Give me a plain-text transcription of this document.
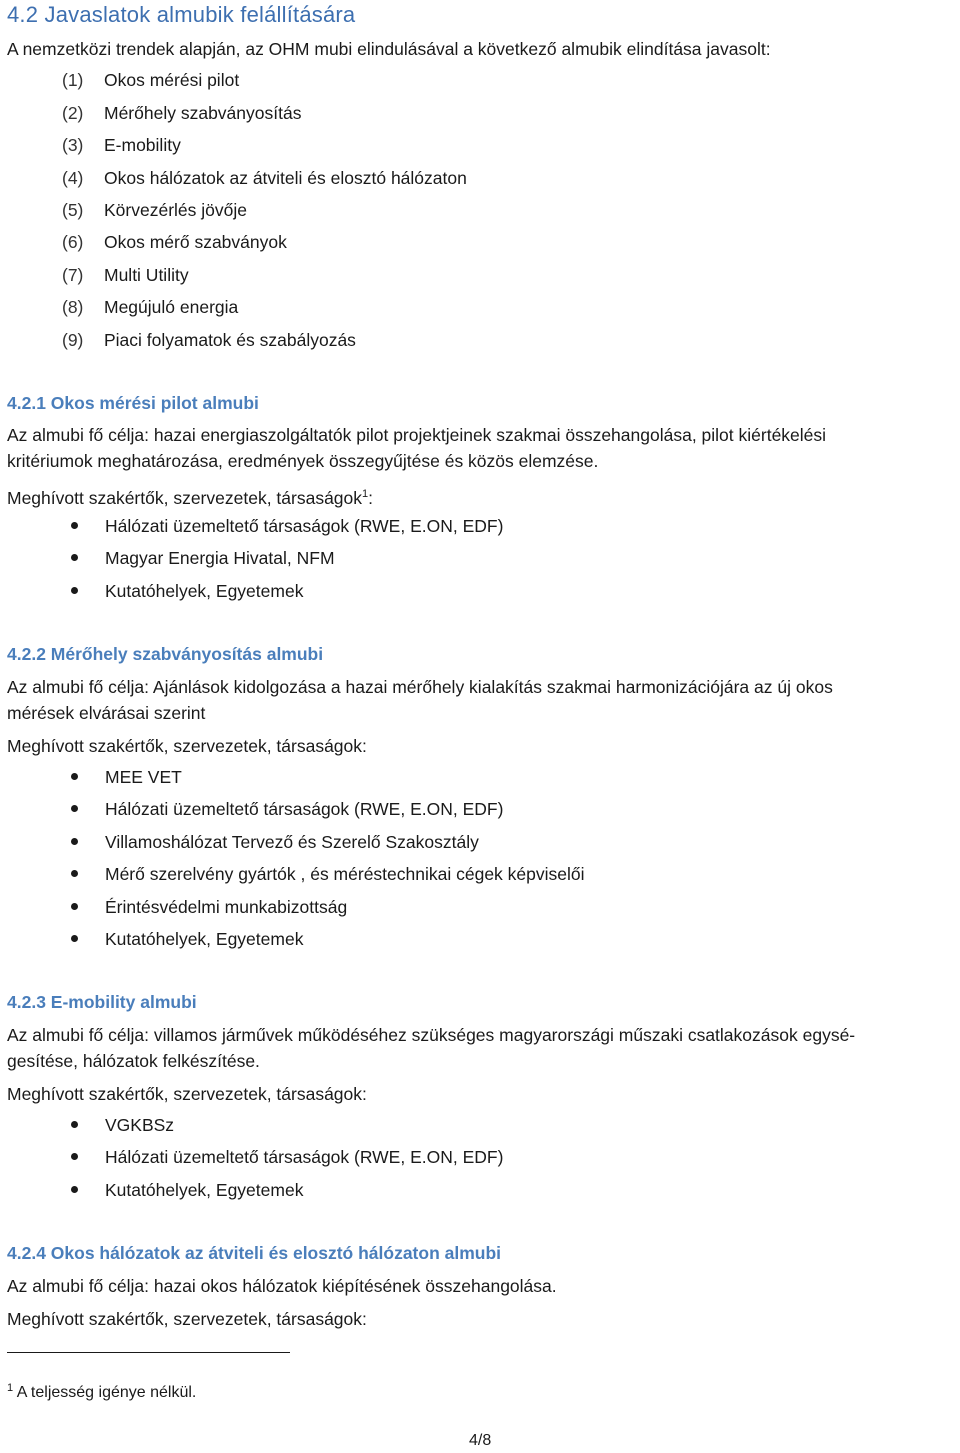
4.2 Javaslatok almubik felállítására

A nemzetközi trendek alapján, az OHM mubi elindulásával a következő almubik elindítása javasolt:

(1) Okos mérési pilot
(2) Mérőhely szabványosítás
(3) E-mobility
(4) Okos hálózatok az átviteli és elosztó hálózaton
(5) Körvezérlés jövője
(6) Okos mérő szabványok
(7) Multi Utility
(8) Megújuló energia
(9) Piaci folyamatok és szabályozás
4.2.1 Okos mérési pilot almubi

Az almubi fő célja: hazai energiaszolgáltatók pilot projektjeinek szakmai összehangolása, pilot kiértékelési

kritériumok meghatározása, eredmények összegyűjtése és közös elemzése.

Meghívott szakértők, szervezetek, társaságok$^1$:

Hálózati üzemeltető társaságok (RWE, E.ON, EDF)
Magyar Energia Hivatal, NFM
Kutatóhelyek, Egyetemek
4.2.2 Mérőhely szabványosítás almubi

Az almubi fő célja: Ajánlások kidolgozása a hazai mérőhely kialakítás szakmai harmonizációjára az új okos

mérések elvárásai szerint

Meghívott szakértők, szervezetek, társaságok:

MEE VET
Hálózati üzemeltető társaságok (RWE, E.ON, EDF)
Villamoshálózat Tervező és Szerelő Szakosztály
Mérő szerelvény gyártók , és méréstechnikai cégek képviselői
Érintésvédelmi munkabizottság
Kutatóhelyek, Egyetemek
4.2.3 E-mobility almubi

Az almubi fő célja: villamos járművek működéséhez szükséges magyarországi műszaki csatlakozások egysé-

gesítése, hálózatok felkészítése.

Meghívott szakértők, szervezetek, társaságok:

VGKBSz
Hálózati üzemeltető társaságok (RWE, E.ON, EDF)
Kutatóhelyek, Egyetemek
4.2.4 Okos hálózatok az átviteli és elosztó hálózaton almubi

Az almubi fő célja: hazai okos hálózatok kiépítésének összehangolása.

Meghívott szakértők, szervezetek, társaságok:

$^1$ A teljesség igénye nélkül.
4/8
